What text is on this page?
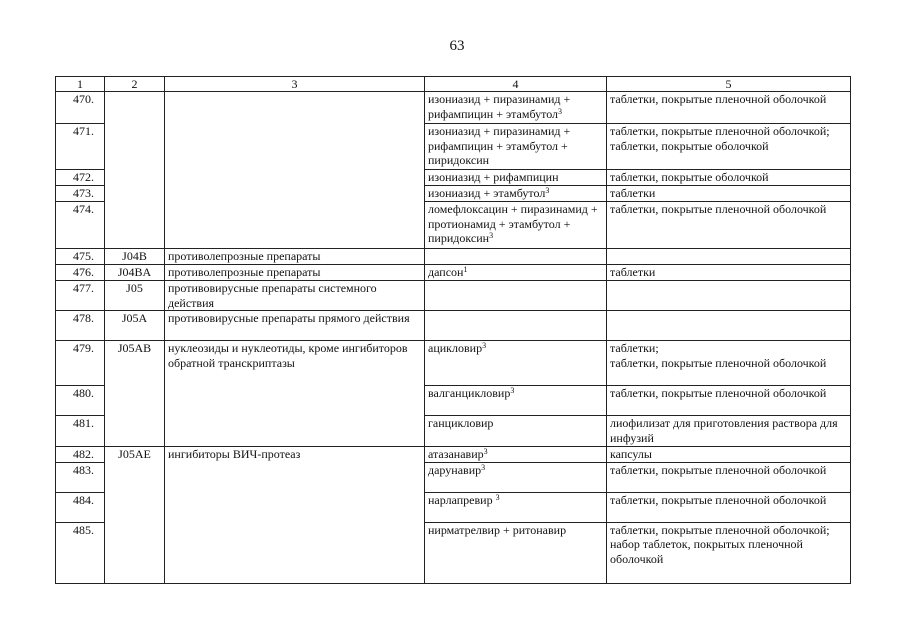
63
1	2	3	4	5
470.			изониазид + пиразинамид + рифампицин + этамбутол$^3$	таблетки, покрытые пленочной оболочкой
471.			изониазид + пиразинамид + рифампицин + этамбутол + пиридоксин	таблетки, покрытые пленочной оболочкой;
таблетки, покрытые оболочкой

472.			изониазид + рифампицин	таблетки, покрытые оболочкой
473.			изониазид + этамбутол$^3$	таблетки
474.			ломефлоксацин + пиразинамид + протионамид + этамбутол + пиридоксин$^3$	таблетки, покрытые пленочной оболочкой
475.	J04B	противолепрозные препараты		
476.	J04BA	противолепрозные препараты	дапсон$^1$	таблетки
477.	J05	противовирусные препараты системного действия		
478.	J05A	противовирусные препараты прямого действия		
479.	J05AB	нуклеозиды и нуклеотиды, кроме ингибиторов обратной транскриптазы	ацикловир$^3$	таблетки;
таблетки, покрытые пленочной оболочкой

480.			валганцикловир$^3$	таблетки, покрытые пленочной оболочкой
481.			ганцикловир	лиофилизат для приготовления раствора для инфузий
482.	J05AE	ингибиторы ВИЧ-протеаз	атазанавир$^3$	капсулы
483.			дарунавир$^3$	таблетки, покрытые пленочной оболочкой
484.			нарлапревир $^3$	таблетки, покрытые пленочной оболочкой
485.			нирматрелвир + ритонавир	таблетки, покрытые пленочной оболочкой;
набор таблеток, покрытых пленочной оболочкой
